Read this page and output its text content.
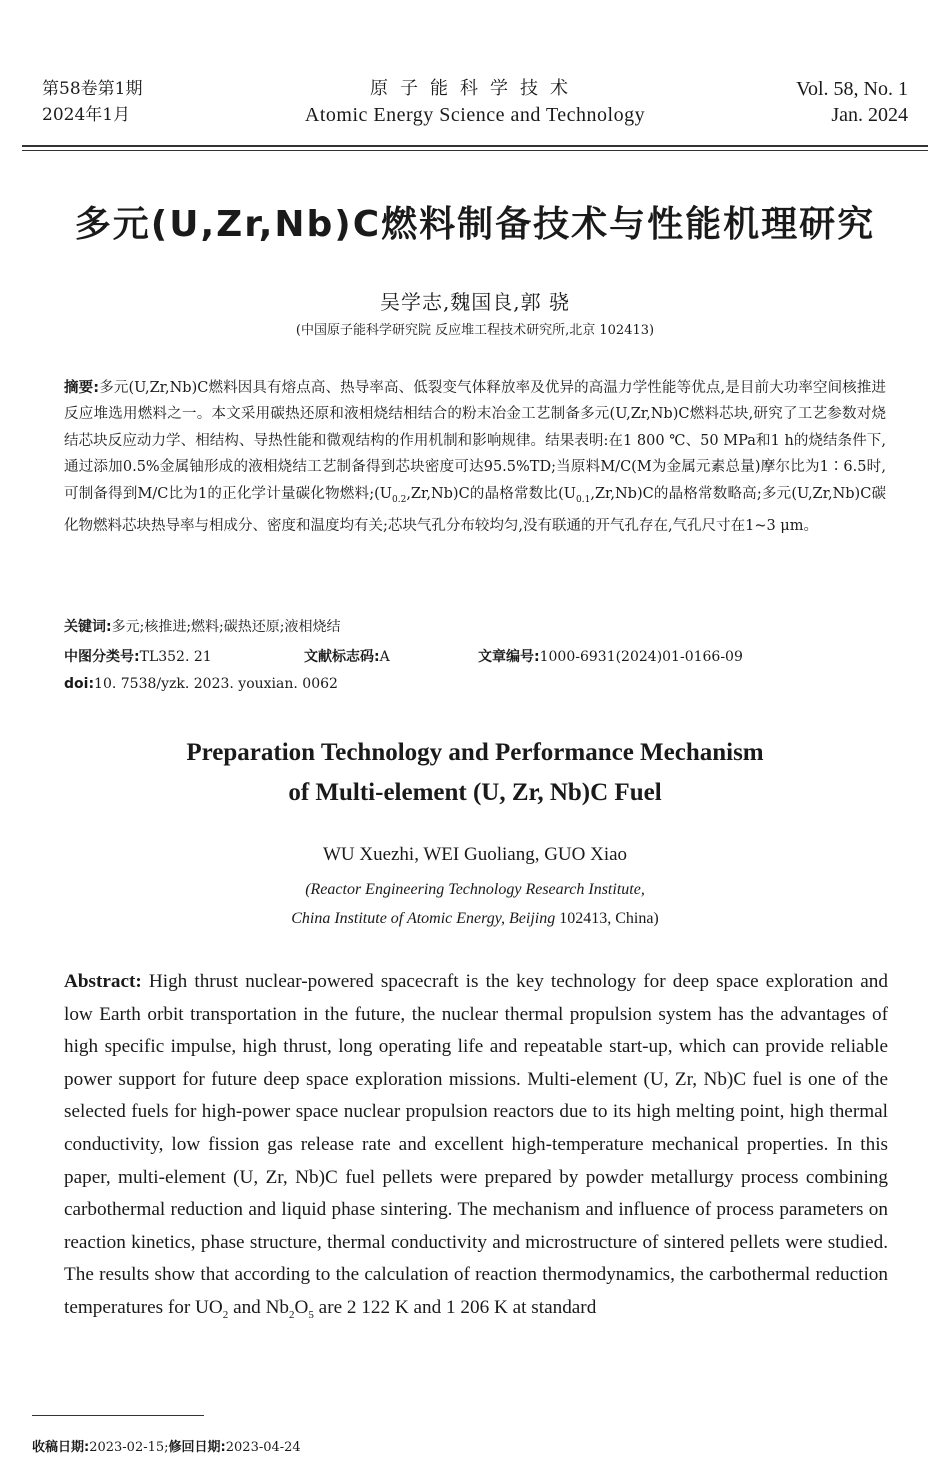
第58卷第1期
2024年1月
原子能科学技术
Atomic Energy Science and Technology
Vol. 58, No. 1
Jan. 2024
多元(U,Zr,Nb)C燃料制备技术与性能机理研究
吴学志,魏国良,郭 骁
(中国原子能科学研究院 反应堆工程技术研究所,北京 102413)
摘要:多元(U,Zr,Nb)C燃料因具有熔点高、热导率高、低裂变气体释放率及优异的高温力学性能等优点,是目前大功率空间核推进反应堆选用燃料之一。本文采用碳热还原和液相烧结相结合的粉末冶金工艺制备多元(U,Zr,Nb)C燃料芯块,研究了工艺参数对烧结芯块反应动力学、相结构、导热性能和微观结构的作用机制和影响规律。结果表明:在1 800 ℃、50 MPa和1 h的烧结条件下,通过添加0.5%金属铀形成的液相烧结工艺制备得到芯块密度可达95.5%TD;当原料M/C(M为金属元素总量)摩尔比为1∶6.5时,可制备得到M/C比为1的正化学计量碳化物燃料$;(U_{0.2},Zr,Nb)C$的晶格常数比$(U_{0.1},Zr,Nb)C$的晶格常数略高;多元(U,Zr,Nb)C碳化物燃料芯块热导率与相成分、密度和温度均有关;芯块气孔分布较均匀,没有联通的开气孔存在,气孔尺寸在1~3 μm。
关键词:多元;核推进;燃料;碳热还原;液相烧结
中图分类号:TL352. 21	文献标志码:A	文章编号:1000-6931(2024)01-0166-09
doi:10. 7538/yzk. 2023. youxian. 0062
Preparation Technology and Performance Mechanism
of Multi-element (U, Zr, Nb)C Fuel
WU Xuezhi, WEI Guoliang, GUO Xiao
(Reactor Engineering Technology Research Institute,
China Institute of Atomic Energy, Beijing 102413, China)
Abstract: High thrust nuclear-powered spacecraft is the key technology for deep space exploration and low Earth orbit transportation in the future, the nuclear thermal propulsion system has the advantages of high specific impulse, high thrust, long operating life and repeatable start-up, which can provide reliable power support for future deep space exploration missions. Multi-element (U, Zr, Nb)C fuel is one of the selected fuels for high-power space nuclear propulsion reactors due to its high melting point, high thermal conductivity, low fission gas release rate and excellent high-temperature mechanical properties. In this paper, multi-element (U, Zr, Nb)C fuel pellets were prepared by powder metallurgy process combining carbothermal reduction and liquid phase sintering. The mechanism and influence of process parameters on reaction kinetics, phase structure, thermal conductivity and microstructure of sintered pellets were studied. The results show that according to the calculation of reaction thermodynamics, the carbothermal reduction temperatures for $UO_2$ and $Nb_2O_5$ are 2 122 K and 1 206 K at standard
收稿日期:2023-02-15;修回日期:2023-04-24
